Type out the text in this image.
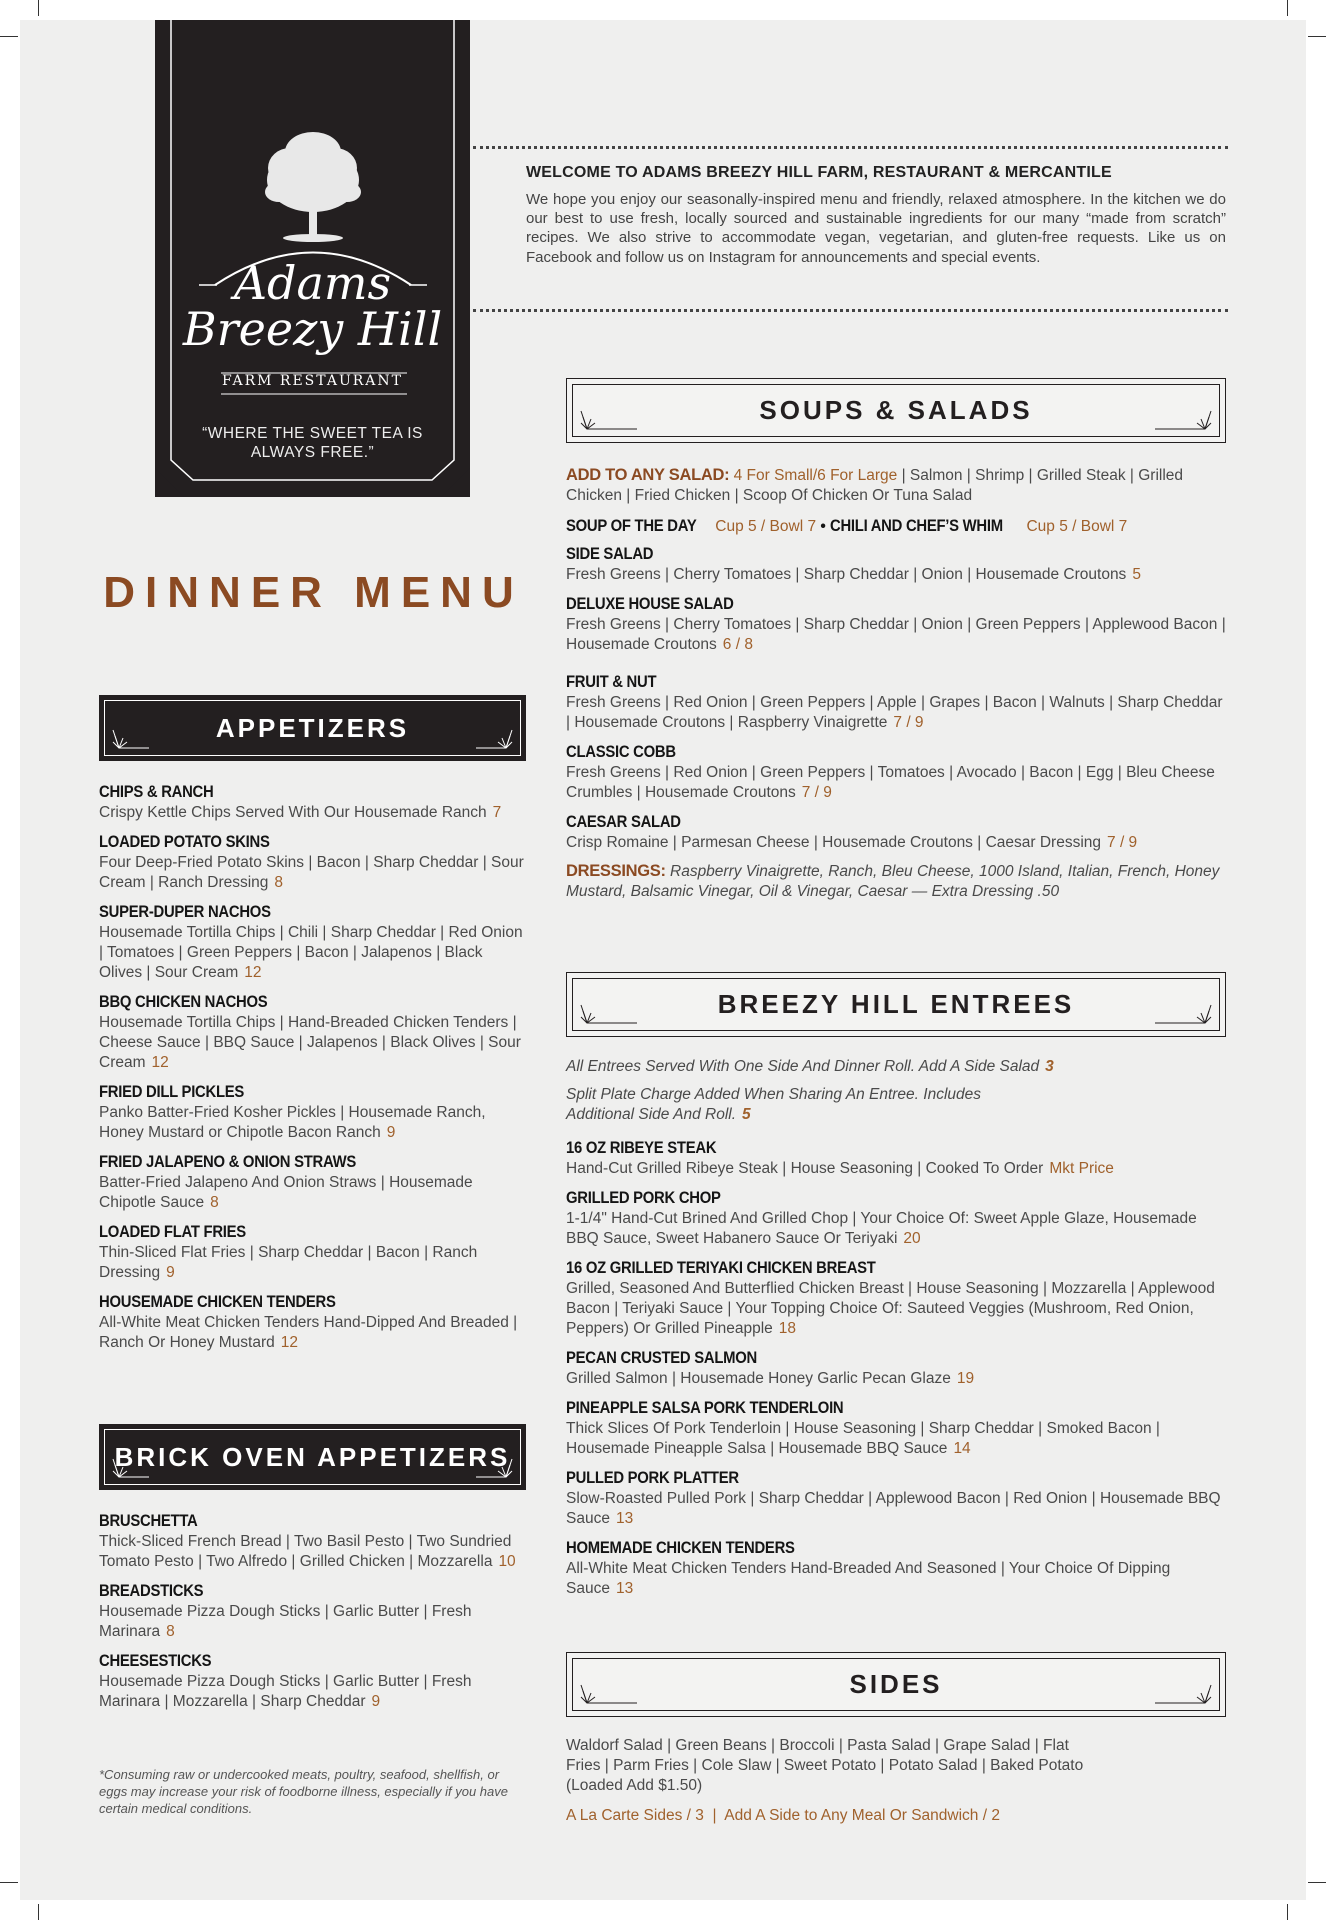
Adams
Breezy Hill
FARM RESTAURANT
“WHERE THE SWEET TEA IS ALWAYS FREE.”
DINNER MENU
WELCOME TO ADAMS BREEZY HILL FARM, RESTAURANT & MERCANTILE

We hope you enjoy our seasonally-inspired menu and friendly, relaxed atmosphere. In the kitchen we do our best to use fresh, locally sourced and sustainable ingredients for our many “made from scratch” recipes. We also strive to accommodate vegan, vegetarian, and gluten-free requests. Like us on Facebook and follow us on Instagram for announcements and special events.

APPETIZERS
CHIPS & RANCH
Crispy Kettle Chips Served With Our Housemade Ranch 7
LOADED POTATO SKINS
Four Deep-Fried Potato Skins | Bacon | Sharp Cheddar | Sour Cream | Ranch Dressing 8
SUPER-DUPER NACHOS
Housemade Tortilla Chips | Chili | Sharp Cheddar | Red Onion | Tomatoes | Green Peppers | Bacon | Jalapenos | Black Olives | Sour Cream 12
BBQ CHICKEN NACHOS
Housemade Tortilla Chips | Hand-Breaded Chicken Tenders | Cheese Sauce | BBQ Sauce | Jalapenos | Black Olives | Sour Cream 12
FRIED DILL PICKLES
Panko Batter-Fried Kosher Pickles | Housemade Ranch, Honey Mustard or Chipotle Bacon Ranch 9
FRIED JALAPENO & ONION STRAWS
Batter-Fried Jalapeno And Onion Straws | Housemade Chipotle Sauce 8
LOADED FLAT FRIES
Thin-Sliced Flat Fries | Sharp Cheddar | Bacon | Ranch Dressing 9
HOUSEMADE CHICKEN TENDERS
All-White Meat Chicken Tenders Hand-Dipped And Breaded | Ranch Or Honey Mustard 12
BRICK OVEN APPETIZERS
BRUSCHETTA
Thick-Sliced French Bread | Two Basil Pesto | Two Sundried Tomato Pesto | Two Alfredo | Grilled Chicken | Mozzarella 10
BREADSTICKS
Housemade Pizza Dough Sticks | Garlic Butter | Fresh Marinara 8
CHEESESTICKS
Housemade Pizza Dough Sticks | Garlic Butter | Fresh Marinara | Mozzarella | Sharp Cheddar 9
*Consuming raw or undercooked meats, poultry, seafood, shellfish, or eggs may increase your risk of foodborne illness, especially if you have certain medical conditions.
SOUPS & SALADS
ADD TO ANY SALAD: 4 For Small/6 For Large | Salmon | Shrimp | Grilled Steak | Grilled Chicken | Fried Chicken | Scoop Of Chicken Or Tuna Salad
SOUP OF THE DAY Cup 5 / Bowl 7 • CHILI AND CHEF’S WHIM Cup 5 / Bowl 7
SIDE SALAD
Fresh Greens | Cherry Tomatoes | Sharp Cheddar | Onion | Housemade Croutons 5
DELUXE HOUSE SALAD
Fresh Greens | Cherry Tomatoes | Sharp Cheddar | Onion | Green Peppers | Applewood Bacon | Housemade Croutons 6 / 8
FRUIT & NUT
Fresh Greens | Red Onion | Green Peppers | Apple | Grapes | Bacon | Walnuts | Sharp Cheddar | Housemade Croutons | Raspberry Vinaigrette 7 / 9
CLASSIC COBB
Fresh Greens | Red Onion | Green Peppers | Tomatoes | Avocado | Bacon | Egg | Bleu Cheese Crumbles | Housemade Croutons 7 / 9
CAESAR SALAD
Crisp Romaine | Parmesan Cheese | Housemade Croutons | Caesar Dressing 7 / 9
DRESSINGS: Raspberry Vinaigrette, Ranch, Bleu Cheese, 1000 Island, Italian, French, Honey Mustard, Balsamic Vinegar, Oil & Vinegar, Caesar — Extra Dressing .50
BREEZY HILL ENTREES
All Entrees Served With One Side And Dinner Roll. Add A Side Salad 3
Split Plate Charge Added When Sharing An Entree. Includes Additional Side And Roll. 5
16 OZ RIBEYE STEAK
Hand-Cut Grilled Ribeye Steak | House Seasoning | Cooked To Order Mkt Price
GRILLED PORK CHOP
1-1/4" Hand-Cut Brined And Grilled Chop | Your Choice Of: Sweet Apple Glaze, Housemade BBQ Sauce, Sweet Habanero Sauce Or Teriyaki 20
16 OZ GRILLED TERIYAKI CHICKEN BREAST
Grilled, Seasoned And Butterflied Chicken Breast | House Seasoning | Mozzarella | Applewood Bacon | Teriyaki Sauce | Your Topping Choice Of: Sauteed Veggies (Mushroom, Red Onion, Peppers) Or Grilled Pineapple 18
PECAN CRUSTED SALMON
Grilled Salmon | Housemade Honey Garlic Pecan Glaze 19
PINEAPPLE SALSA PORK TENDERLOIN
Thick Slices Of Pork Tenderloin | House Seasoning | Sharp Cheddar | Smoked Bacon | Housemade Pineapple Salsa | Housemade BBQ Sauce 14
PULLED PORK PLATTER
Slow-Roasted Pulled Pork | Sharp Cheddar | Applewood Bacon | Red Onion | Housemade BBQ Sauce 13
HOMEMADE CHICKEN TENDERS
All-White Meat Chicken Tenders Hand-Breaded And Seasoned | Your Choice Of Dipping Sauce 13
SIDES
Waldorf Salad | Green Beans | Broccoli | Pasta Salad | Grape Salad | Flat Fries | Parm Fries | Cole Slaw | Sweet Potato | Potato Salad | Baked Potato (Loaded Add $1.50)
A La Carte Sides / 3  |  Add A Side to Any Meal Or Sandwich / 2
